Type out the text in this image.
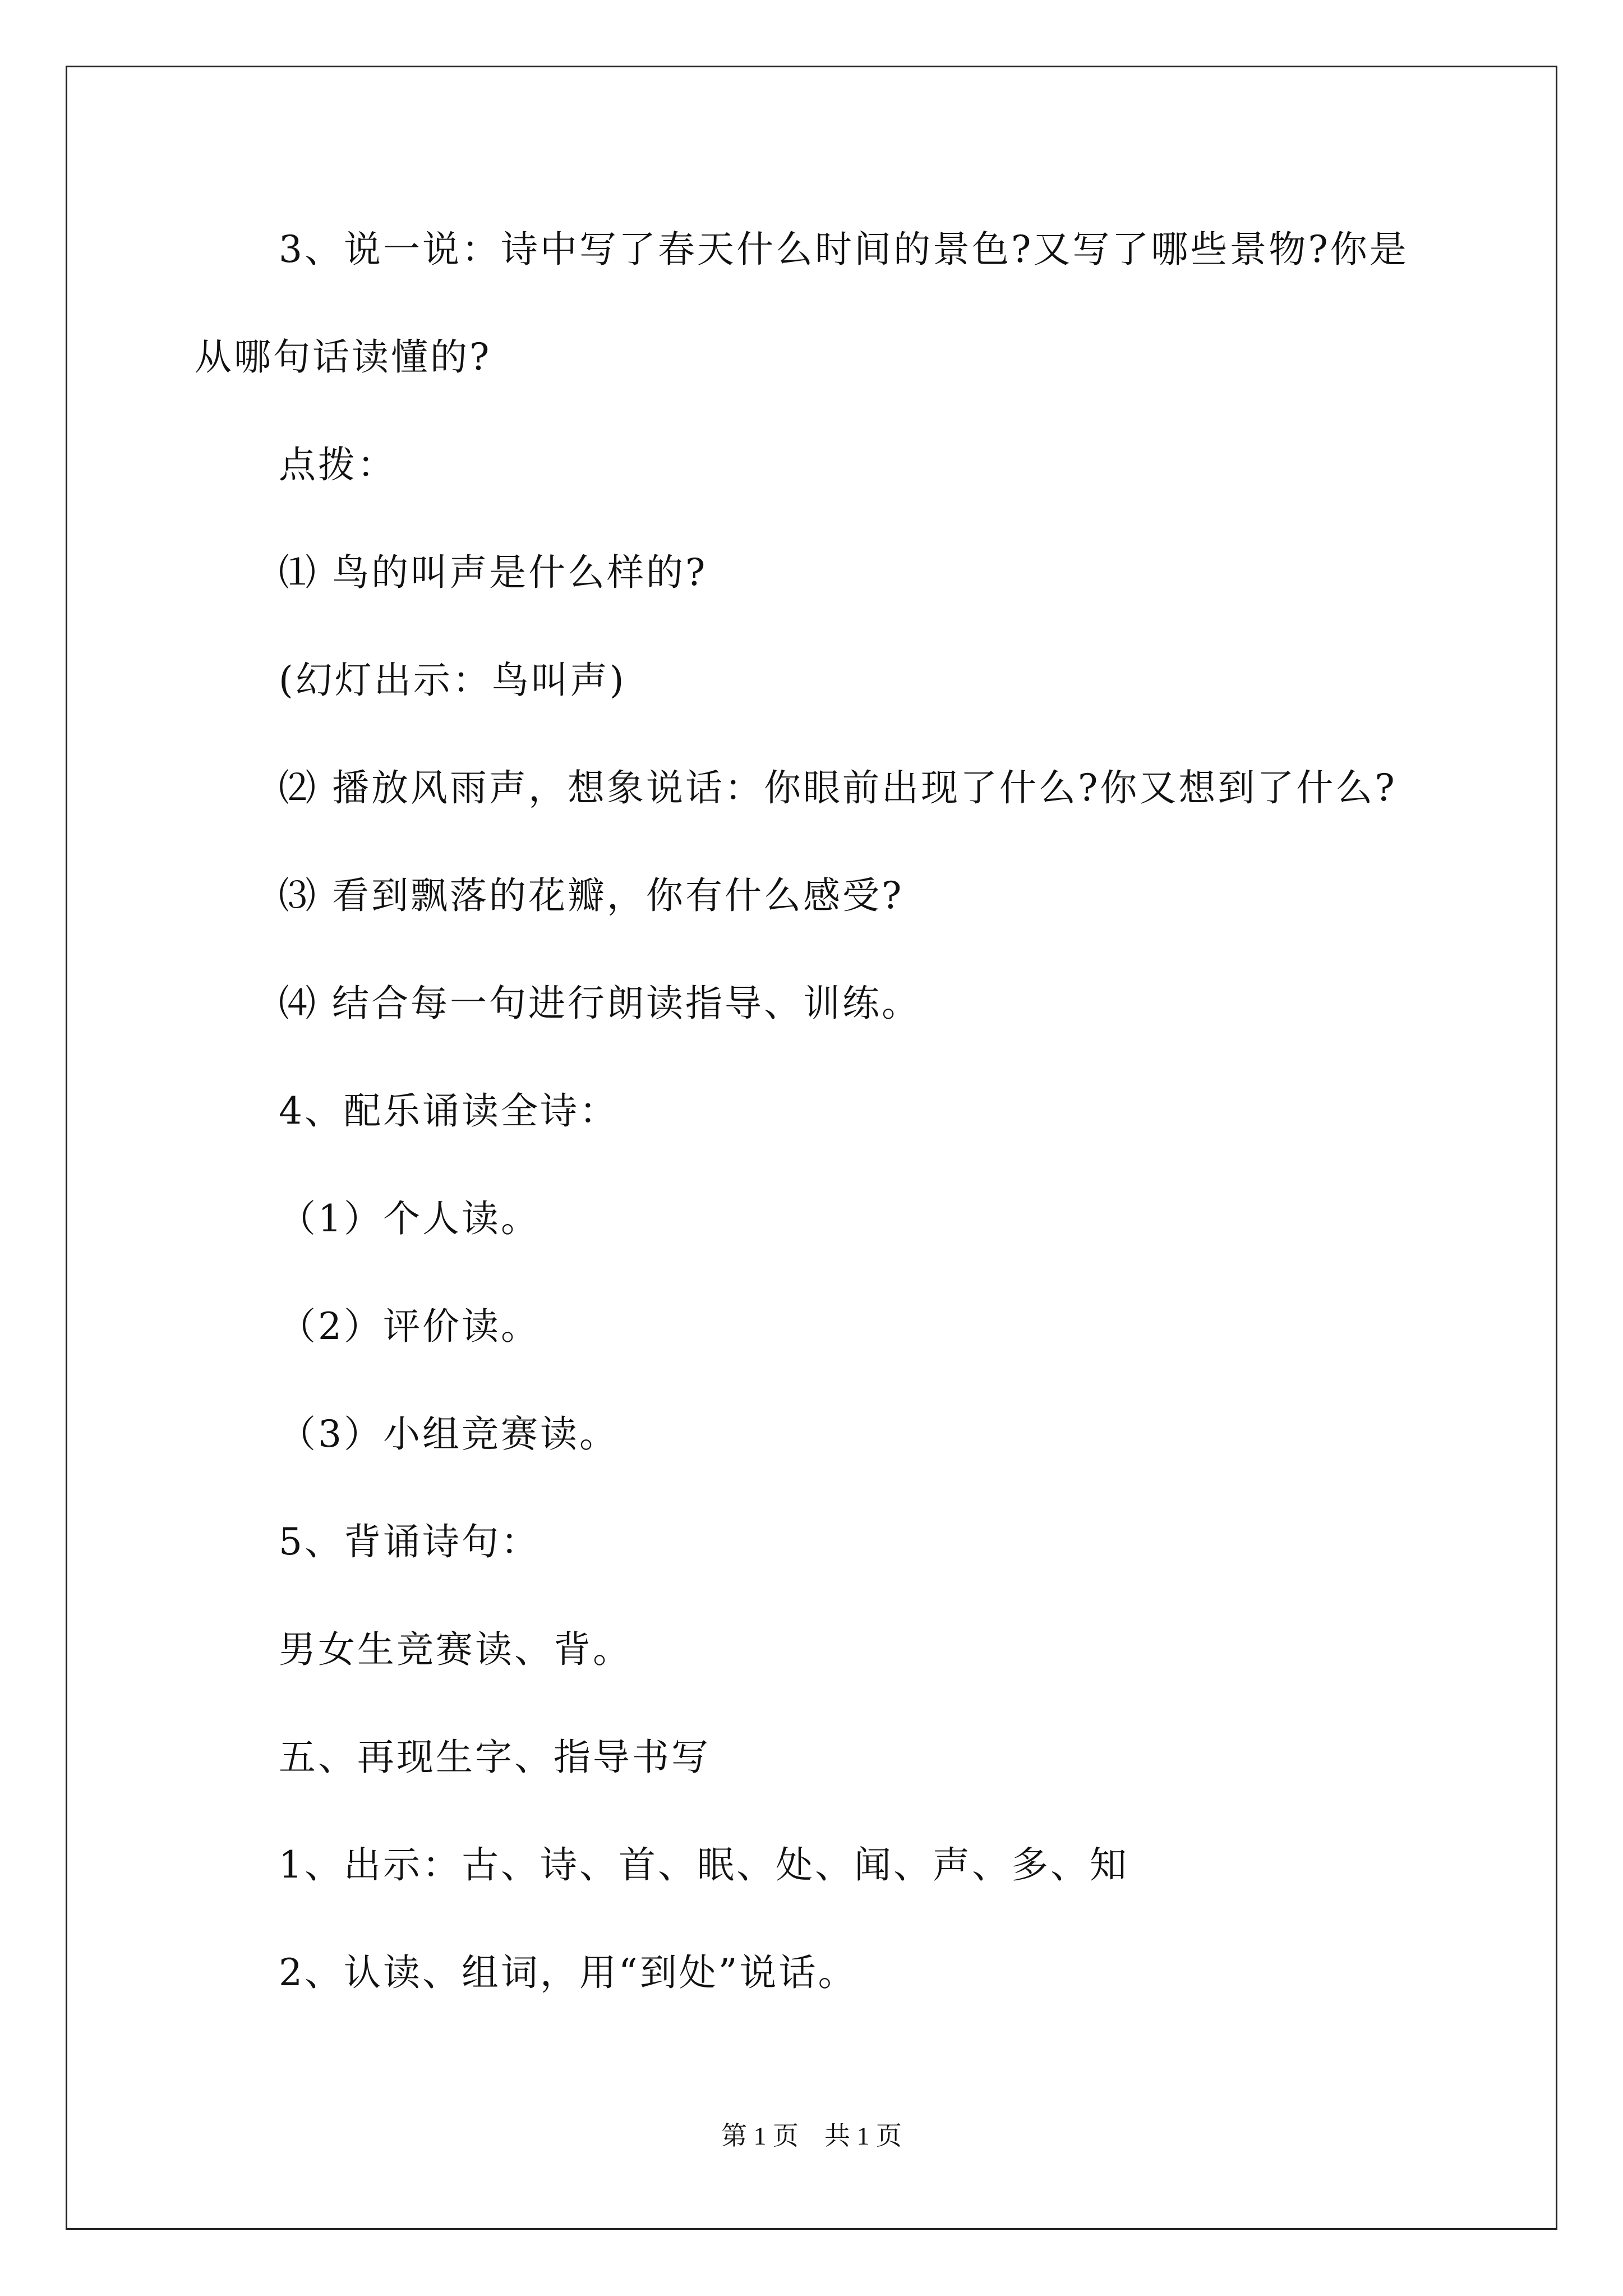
3、说一说：诗中写了春天什么时间的景色?又写了哪些景物?你是
从哪句话读懂的?
点拨：
⑴ 鸟的叫声是什么样的?
(幻灯出示：鸟叫声)
⑵ 播放风雨声，想象说话：你眼前出现了什么?你又想到了什么?
⑶ 看到飘落的花瓣，你有什么感受?
⑷ 结合每一句进行朗读指导、训练。
4、配乐诵读全诗：
（1）个人读。
（2）评价读。
（3）小组竞赛读。
5、背诵诗句：
男女生竞赛读、背。
五、再现生字、指导书写
1、出示：古、诗、首、眠、处、闻、声、多、知
2、认读、组词，用“到处”说话。
第 1 页　共 1 页
